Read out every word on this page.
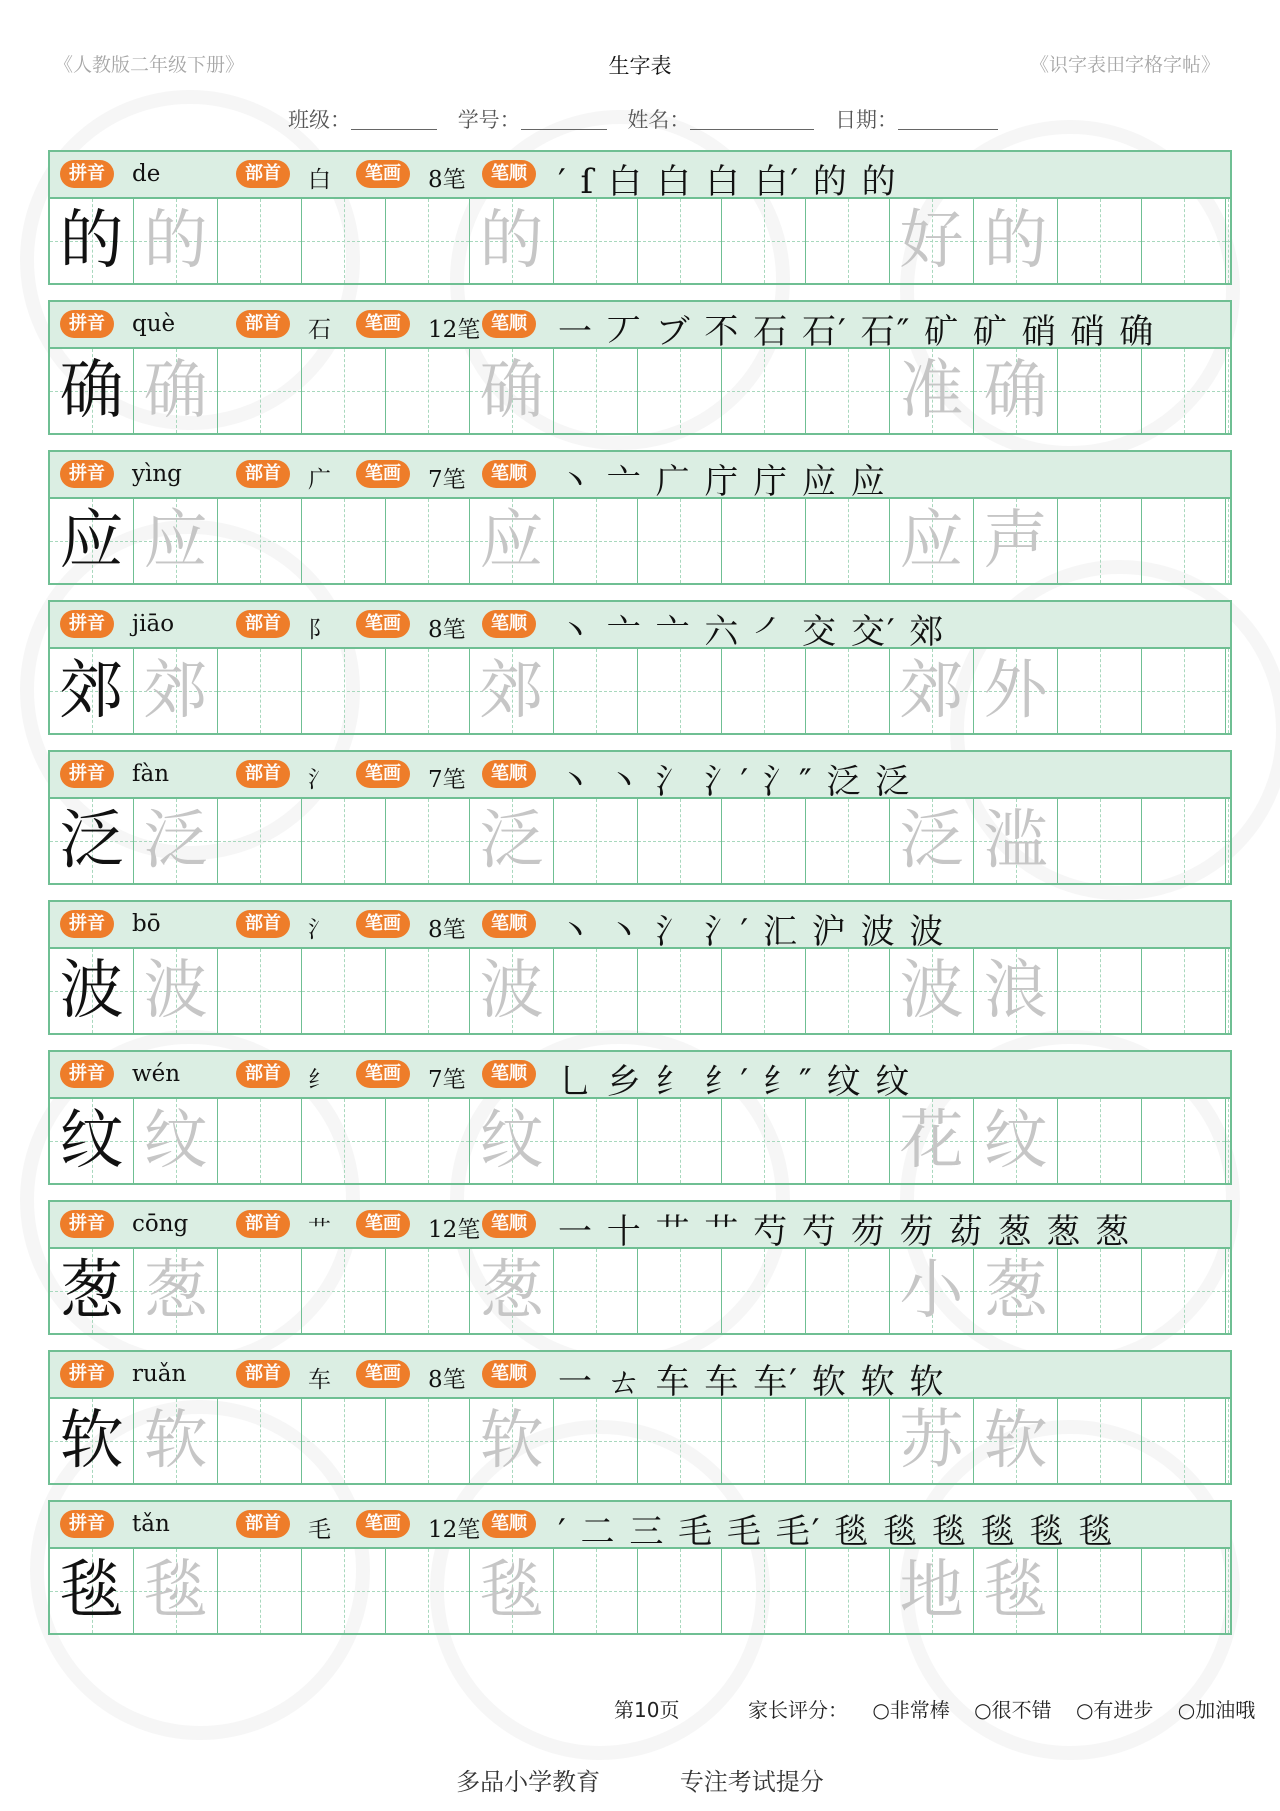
《人教版二年级下册》	生字表	《识字表田字格字帖》
班级：	学号：	姓名：	日期：
拼音	de	部首	白	笔画	8笔	笔顺 ′ ſ 白 白 白 白′ 的 的
的 的	的	好 的
拼音	què	部首	石	笔画	12笔 笔顺 一 丆 ブ 不 石 石′ 石″ 矿 矿 硝 硝 确
确 确	确	准 确
拼音	yìng	部首	广	笔画	7笔	笔顺 丶 亠 广 庁 庁 应 应
应 应	应	应 声
拼音	jiāo	部首	阝	笔画	8笔	笔顺 丶 亠 亠 六 ㇒ 交 交′ 郊
郊 郊	郊	郊 外
拼音	fàn	部首	氵	笔画	7笔	笔顺 丶 丶 氵 氵′ 氵″ 泛 泛
泛 泛	泛	泛 滥
拼音	bō	部首	氵	笔画	8笔	笔顺 丶 丶 氵 氵′ 汇 沪 波 波
波 波	波	波 浪
拼音	wén	部首	纟	笔画	7笔	笔顺 乚 乡 纟 纟′ 纟″ 纹 纹
纹 纹	纹	花 纹
拼音	cōng	部首	艹	笔画	12笔 笔顺 一 十 艹 艹 芍 芍 芴 芴 苭 葱 葱 葱
葱 葱	葱	小 葱
拼音	ruǎn	部首	车	笔画	8笔	笔顺 一 ㄊ 车 车 车′ 软 软 软
软 软	软	苏 软
拼音	tǎn	部首	毛	笔画	12笔 笔顺 ′ 二 三 毛 毛 毛′ 毯 毯 毯 毯 毯 毯
毯 毯	毯	地 毯
第10页	家长评分： ○非常棒 ○很不错 ○有进步 ○加油哦
多品小学教育	专注考试提分
